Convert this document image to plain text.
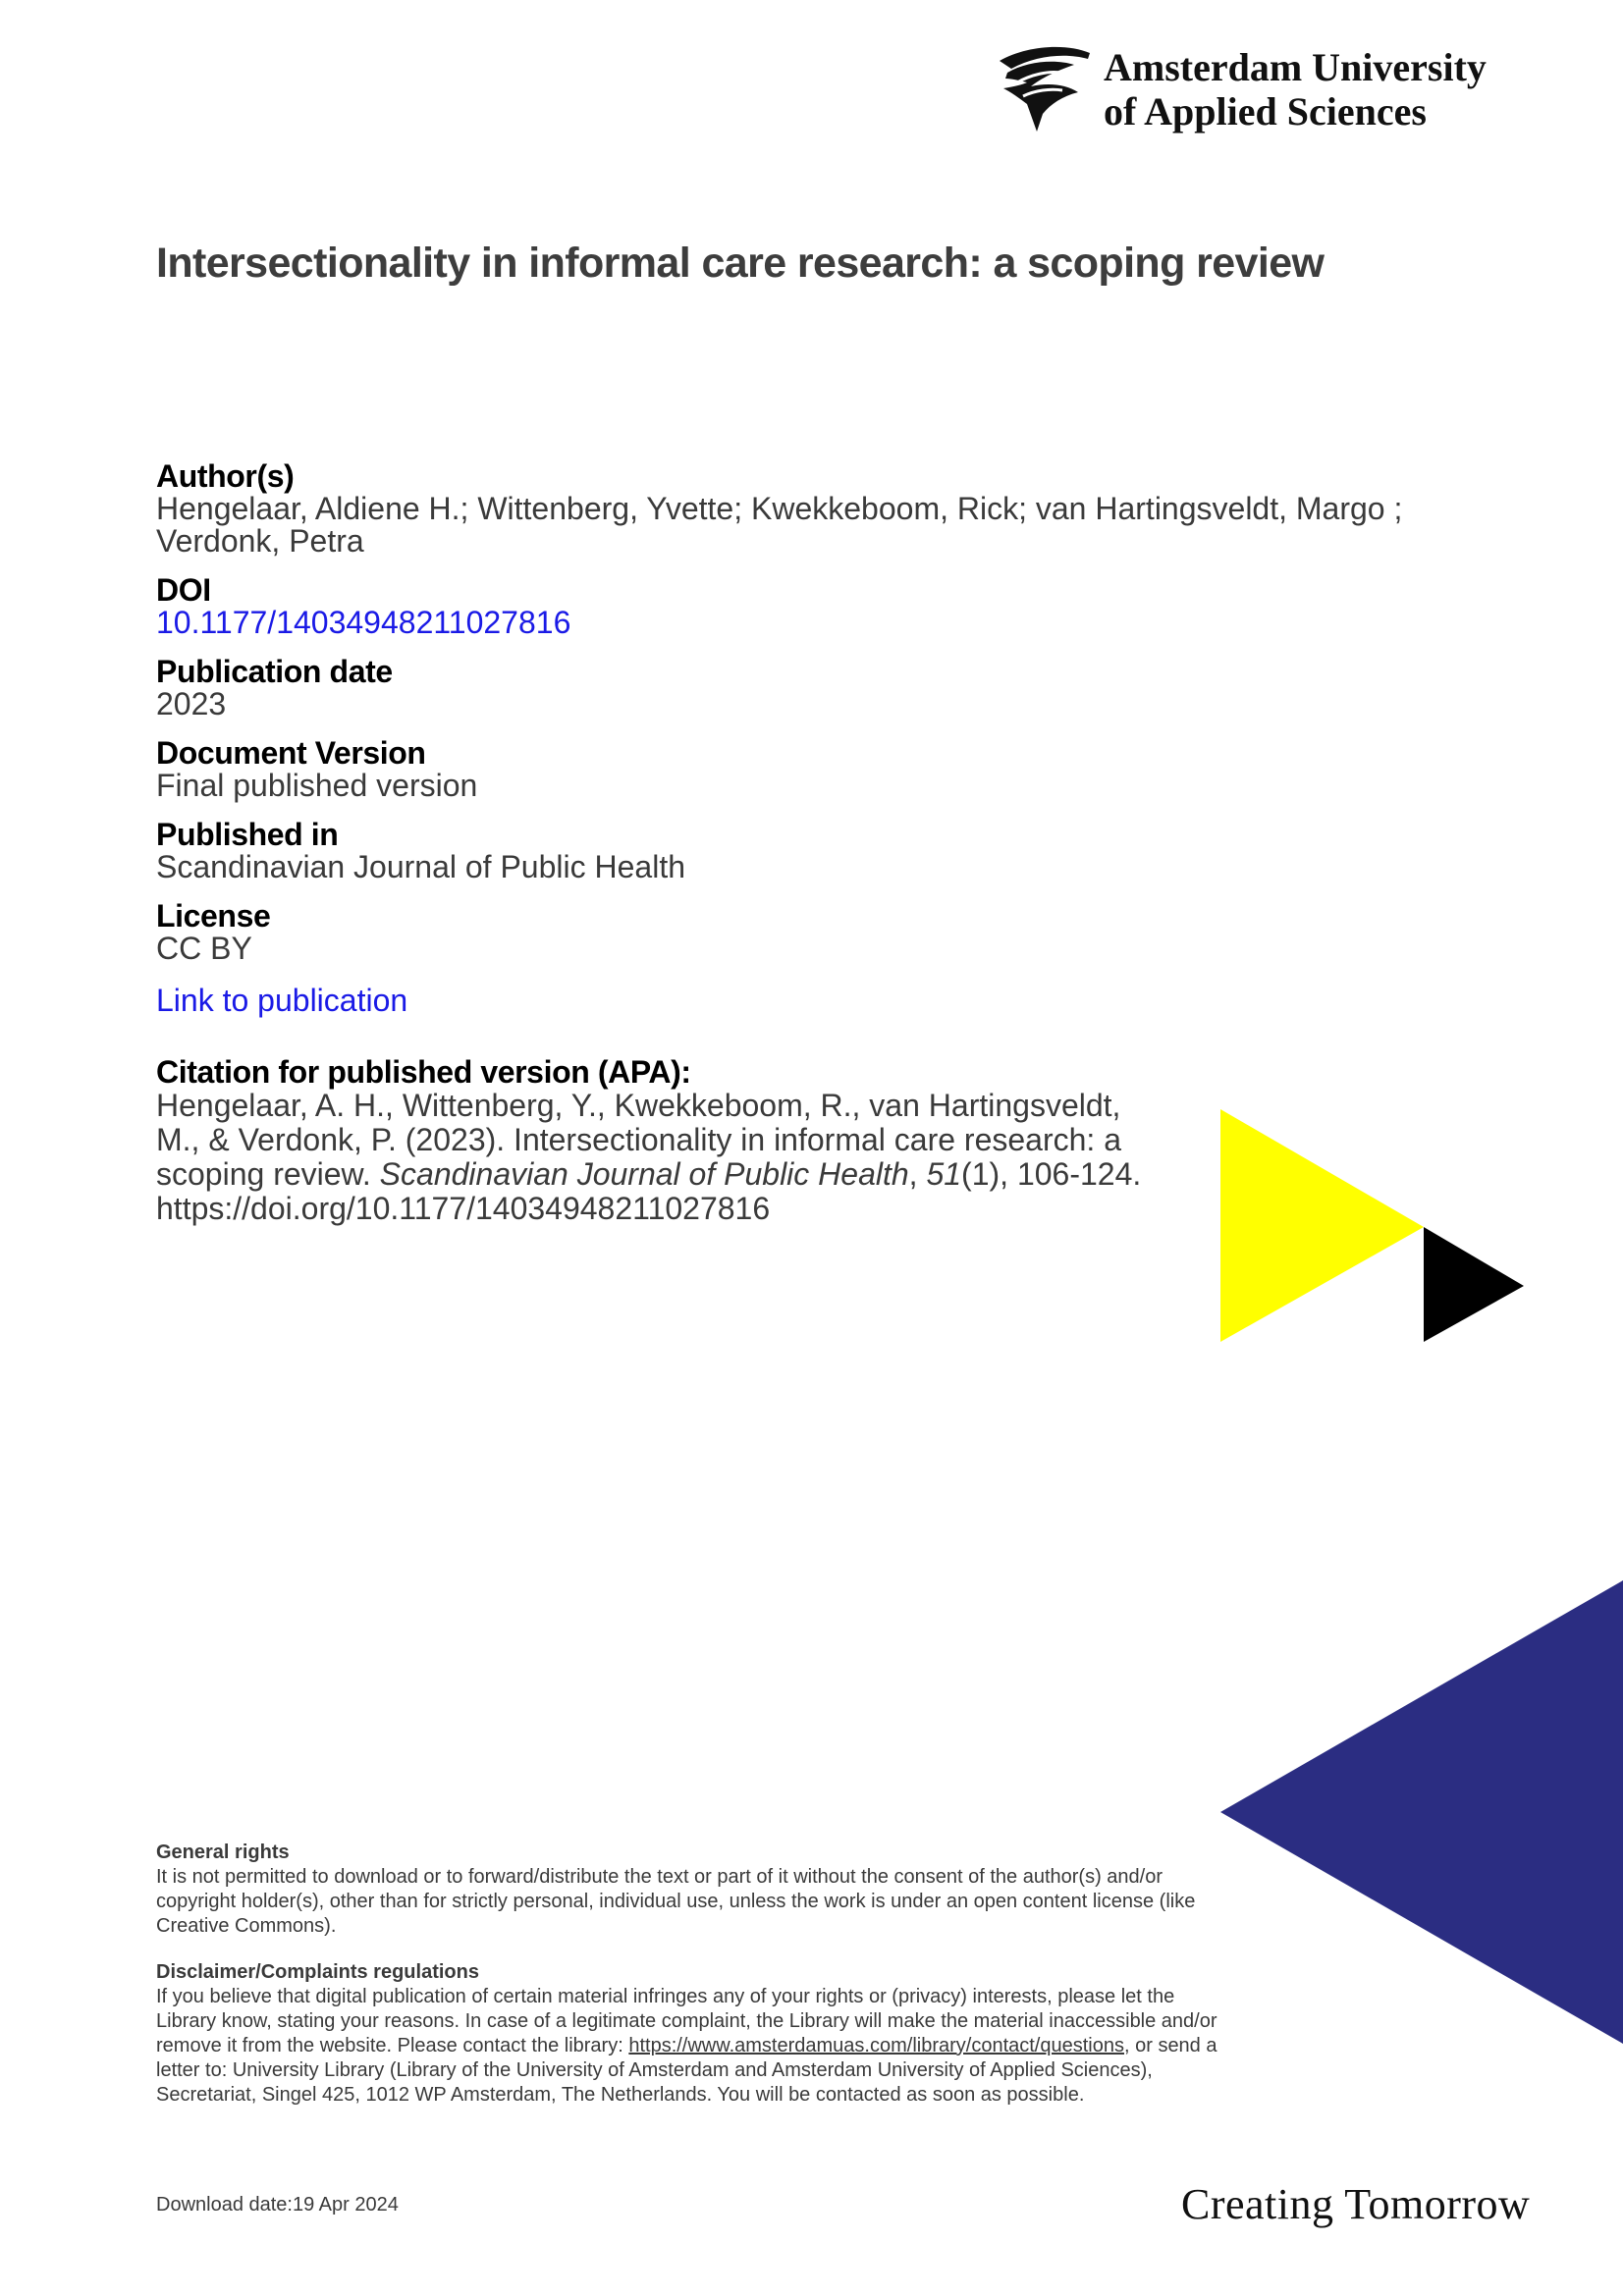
Amsterdam University
of Applied Sciences
Intersectionality in informal care research: a scoping review
Author(s)
Hengelaar, Aldiene H.; Wittenberg, Yvette; Kwekkeboom, Rick; van Hartingsveldt, Margo ;
Verdonk, Petra
DOI
10.1177/14034948211027816
Publication date
2023
Document Version
Final published version
Published in
Scandinavian Journal of Public Health
License
CC BY
Link to publication
Citation for published version (APA):
Hengelaar, A. H., Wittenberg, Y., Kwekkeboom, R., van Hartingsveldt,
M., & Verdonk, P. (2023). Intersectionality in informal care research: a
scoping review. Scandinavian Journal of Public Health, 51(1), 106-124.
https://doi.org/10.1177/14034948211027816
General rights
It is not permitted to download or to forward/distribute the text or part of it without the consent of the author(s) and/or copyright holder(s), other than for strictly personal, individual use, unless the work is under an open content license (like Creative Commons).
Disclaimer/Complaints regulations
If you believe that digital publication of certain material infringes any of your rights or (privacy) interests, please let the Library know, stating your reasons. In case of a legitimate complaint, the Library will make the material inaccessible and/or remove it from the website. Please contact the library: https://www.amsterdamuas.com/library/contact/questions, or send a letter to: University Library (Library of the University of Amsterdam and Amsterdam University of Applied Sciences), Secretariat, Singel 425, 1012 WP Amsterdam, The Netherlands. You will be contacted as soon as possible.
Download date:19 Apr 2024	Creating Tomorrow
